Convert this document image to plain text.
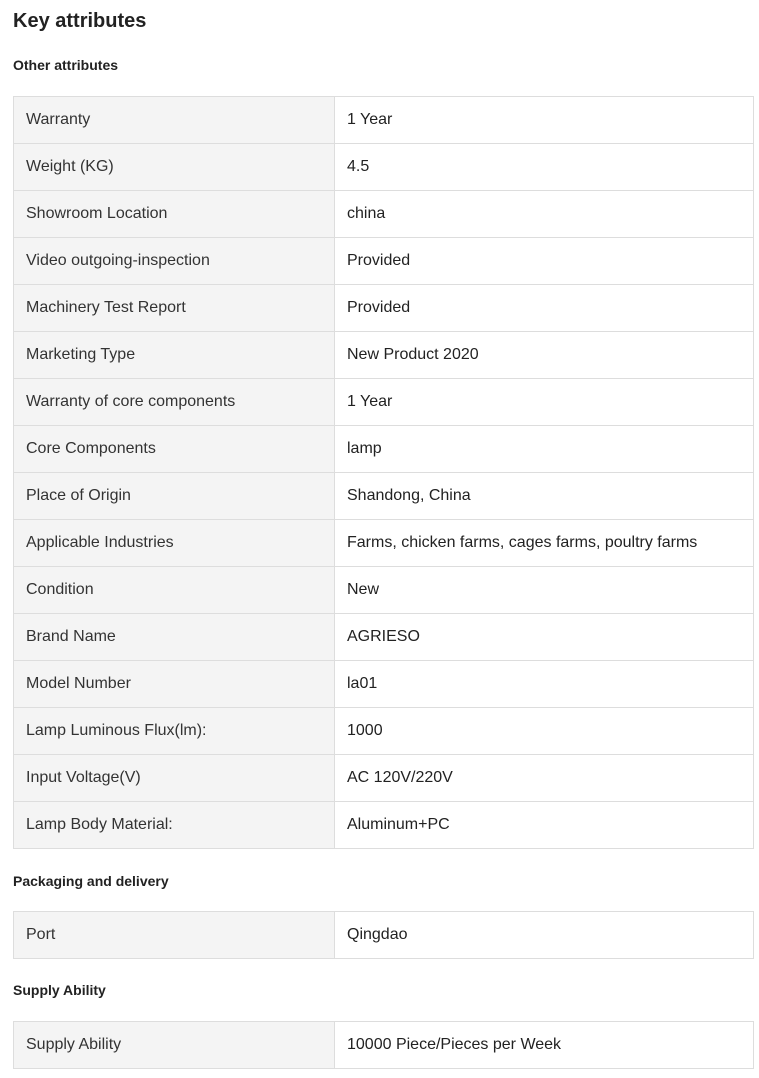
Key attributes
Other attributes
Warranty	1 Year
Weight (KG)	4.5
Showroom Location	china
Video outgoing-inspection	Provided
Machinery Test Report	Provided
Marketing Type	New Product 2020
Warranty of core components	1 Year
Core Components	lamp
Place of Origin	Shandong, China
Applicable Industries	Farms, chicken farms, cages farms, poultry farms
Condition	New
Brand Name	AGRIESO
Model Number	la01
Lamp Luminous Flux(lm):	1000
Input Voltage(V)	AC 120V/220V
Lamp Body Material:	Aluminum+PC
Packaging and delivery
Port	Qingdao
Supply Ability
Supply Ability	10000 Piece/Pieces per Week
